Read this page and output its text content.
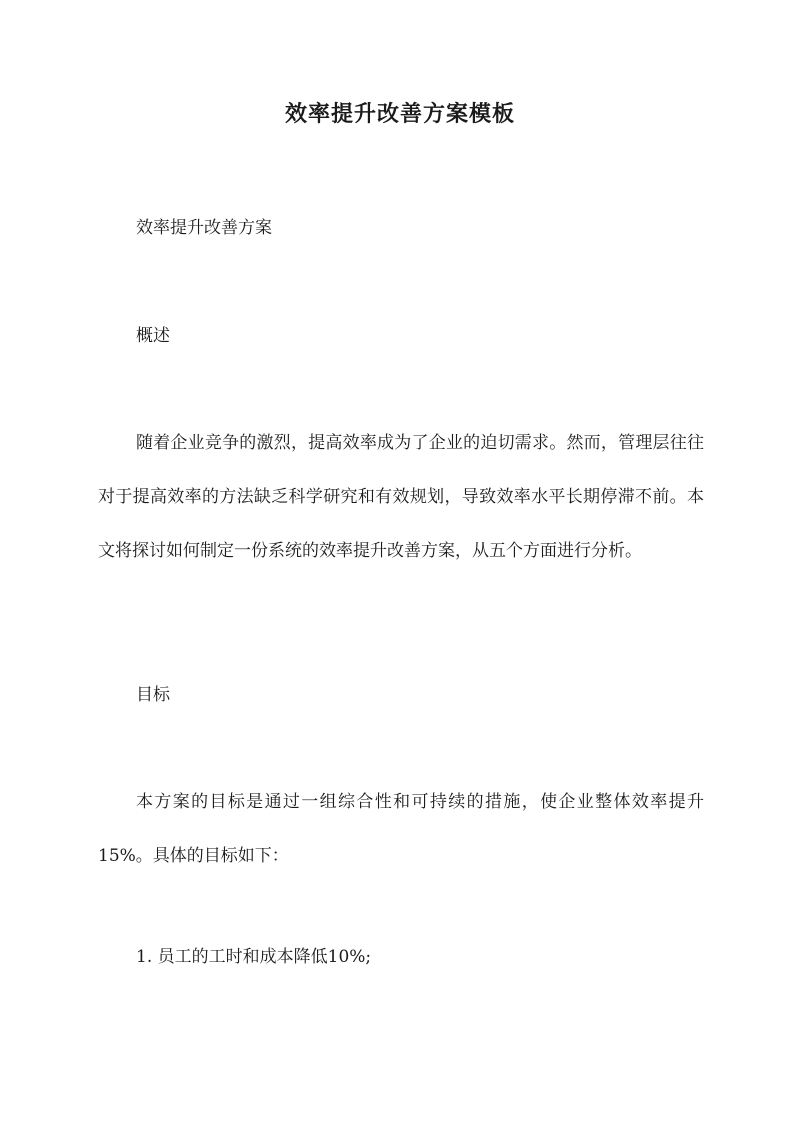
效率提升改善方案模板
效率提升改善方案
概述
随着企业竞争的激烈，提高效率成为了企业的迫切需求。然而，管理层往往对于提高效率的方法缺乏科学研究和有效规划，导致效率水平长期停滞不前。本文将探讨如何制定一份系统的效率提升改善方案，从五个方面进行分析。
目标
本方案的目标是通过一组综合性和可持续的措施，使企业整体效率提升15%。具体的目标如下：
1. 员工的工时和成本降低10%;
